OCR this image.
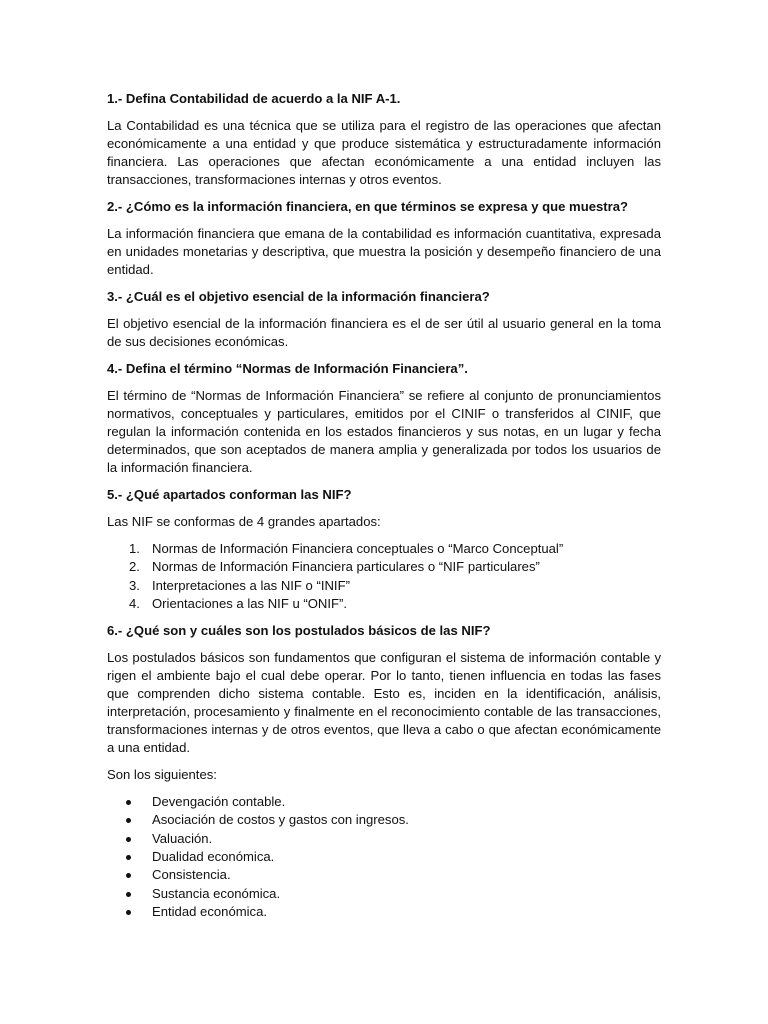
1.- Defina Contabilidad de acuerdo a la NIF A-1.
La Contabilidad es una técnica que se utiliza para el registro de las operaciones que afectan económicamente a una entidad y que produce sistemática y estructuradamente información financiera. Las operaciones que afectan económicamente a una entidad incluyen las transacciones, transformaciones internas y otros eventos.
2.- ¿Cómo es la información financiera, en que términos se expresa y que muestra?
La información financiera que emana de la contabilidad es información cuantitativa, expresada en unidades monetarias y descriptiva, que muestra la posición y desempeño financiero de una entidad.
3.- ¿Cuál es el objetivo esencial de la información financiera?
El objetivo esencial de la información financiera es el de ser útil al usuario general en la toma de sus decisiones económicas.
4.- Defina el término “Normas de Información Financiera”.
El término de “Normas de Información Financiera” se refiere al conjunto de pronunciamientos normativos, conceptuales y particulares, emitidos por el CINIF o transferidos al CINIF, que regulan la información contenida en los estados financieros y sus notas, en un lugar y fecha determinados, que son aceptados de manera amplia y generalizada por todos los usuarios de la información financiera.
5.- ¿Qué apartados conforman las NIF?
Las NIF se conformas de 4 grandes apartados:
1. Normas de Información Financiera conceptuales o “Marco Conceptual”
2. Normas de Información Financiera particulares o “NIF particulares”
3. Interpretaciones a las NIF o “INIF”
4. Orientaciones a las NIF u “ONIF”.
6.- ¿Qué son y cuáles son los postulados básicos de las NIF?
Los postulados básicos son fundamentos que configuran el sistema de información contable y rigen el ambiente bajo el cual debe operar. Por lo tanto, tienen influencia en todas las fases que comprenden dicho sistema contable. Esto es, inciden en la identificación, análisis, interpretación, procesamiento y finalmente en el reconocimiento contable de las transacciones, transformaciones internas y de otros eventos, que lleva a cabo o que afectan económicamente a una entidad.
Son los siguientes:
Devengación contable.
Asociación de costos y gastos con ingresos.
Valuación.
Dualidad económica.
Consistencia.
Sustancia económica.
Entidad económica.
